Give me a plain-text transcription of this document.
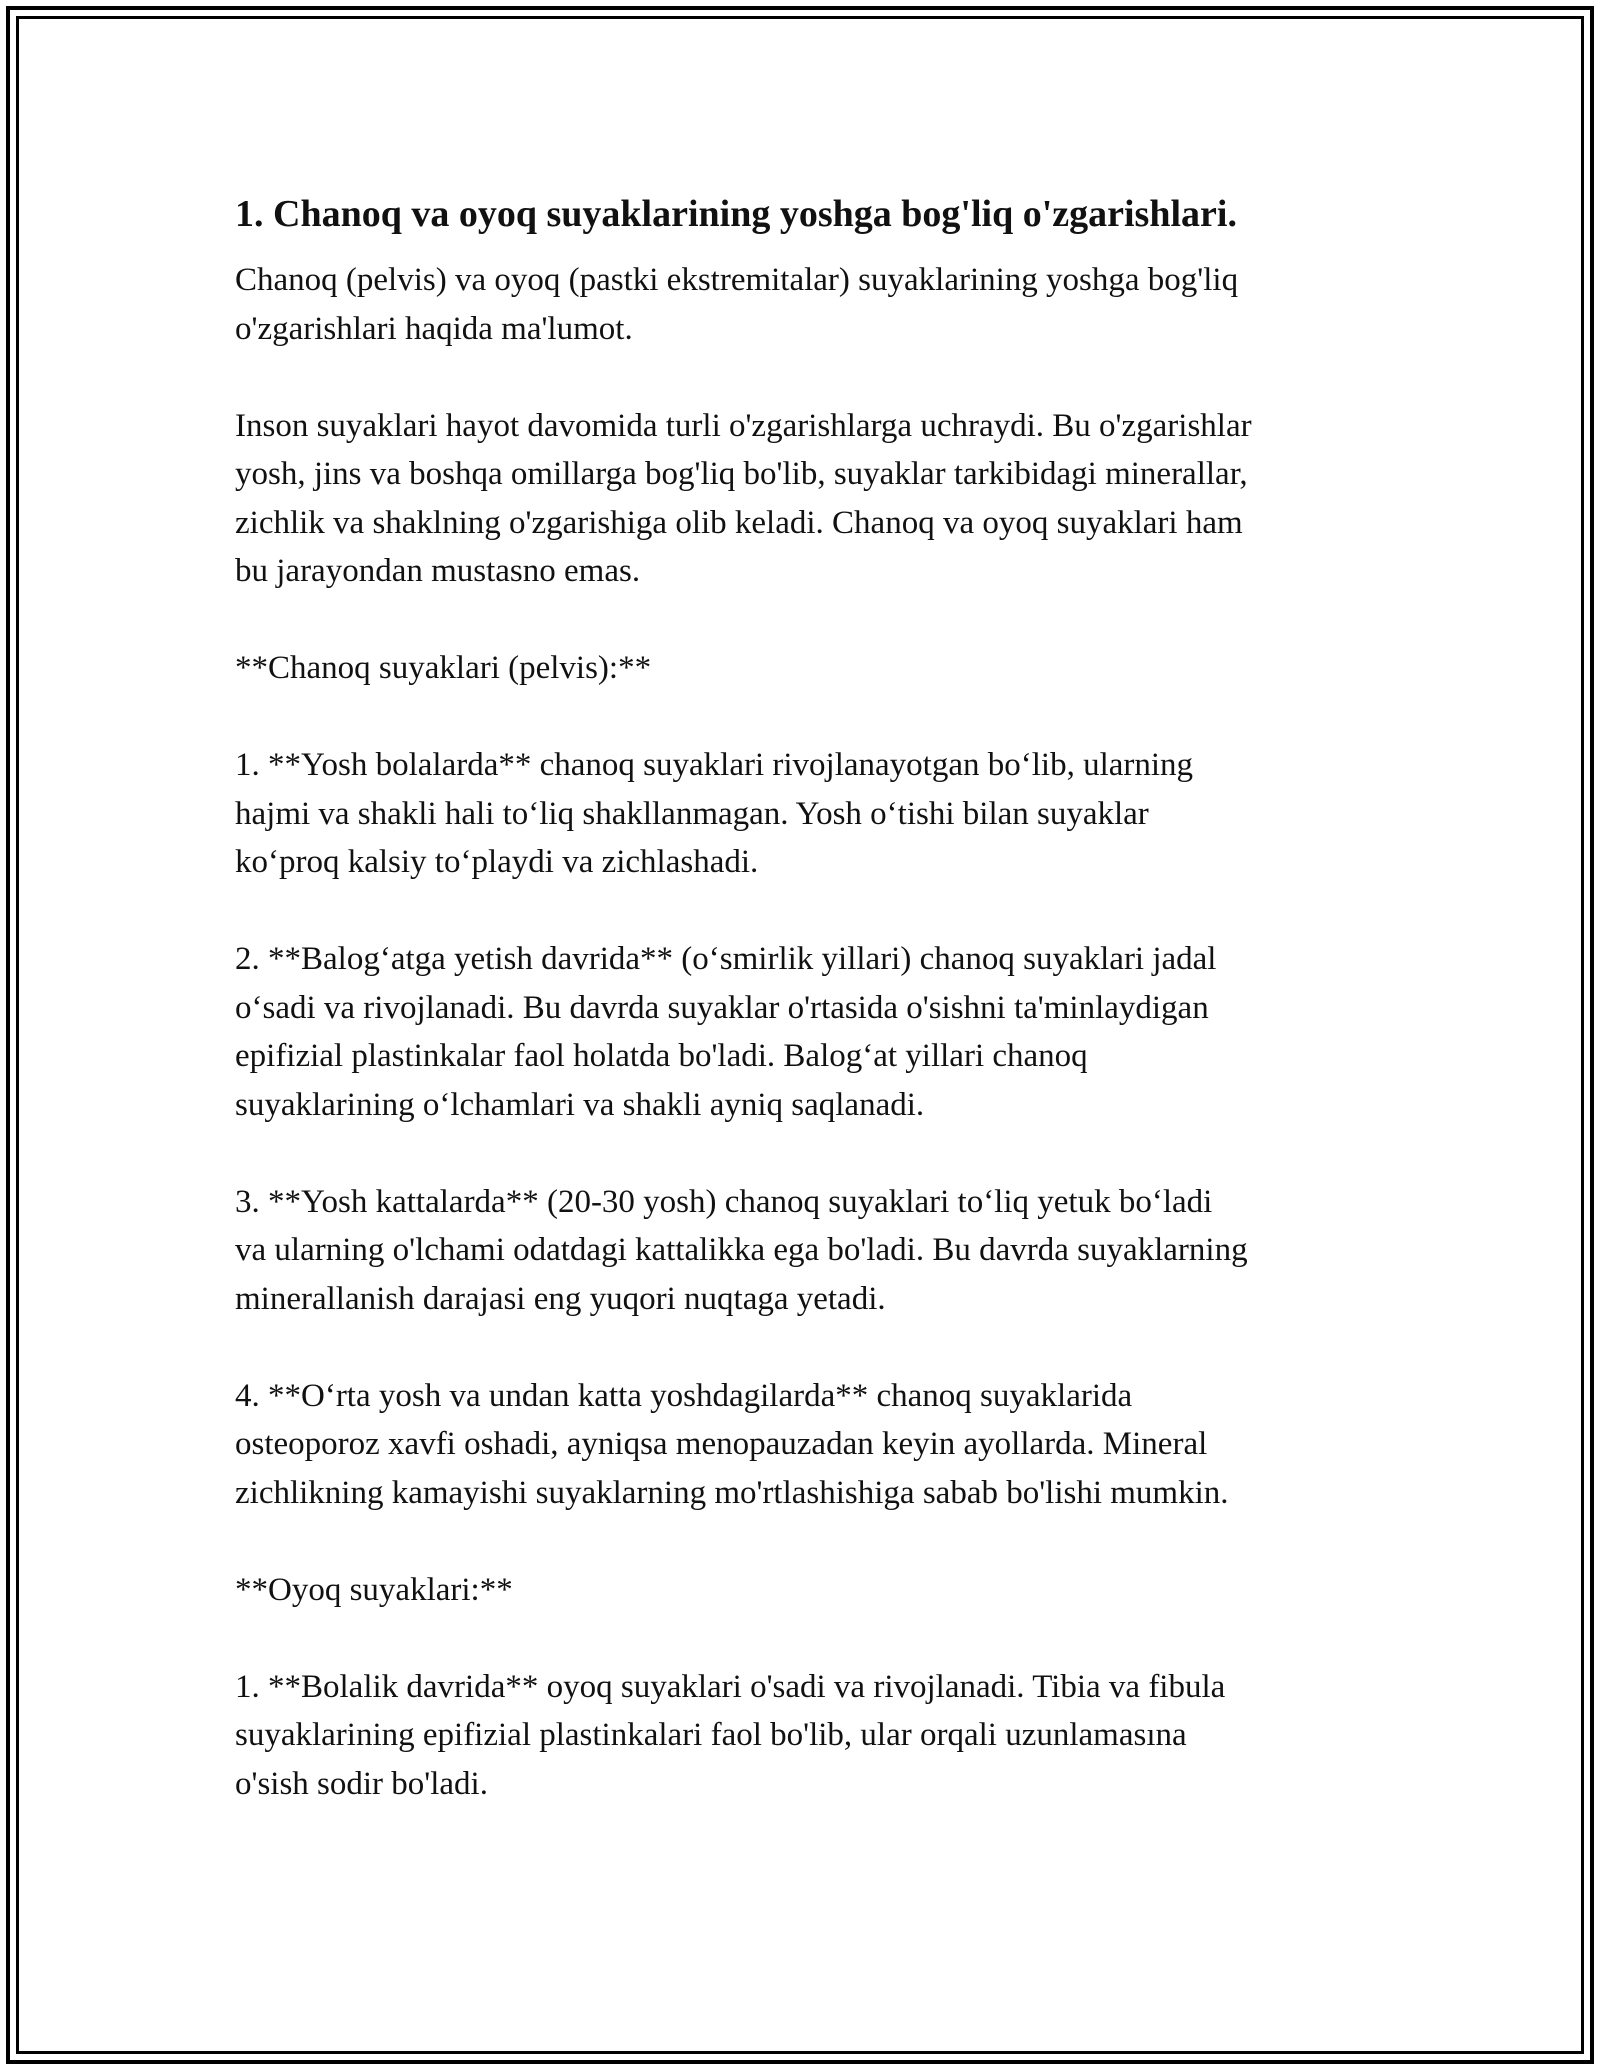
1. Chanoq va oyoq suyaklarining yoshga bog'liq o'zgarishlari.

Chanoq (pelvis) va oyoq (pastki ekstremitalar) suyaklarining yoshga bog'liq
o'zgarishlari haqida ma'lumot.

Inson suyaklari hayot davomida turli o'zgarishlarga uchraydi. Bu o'zgarishlar
yosh, jins va boshqa omillarga bog'liq bo'lib, suyaklar tarkibidagi minerallar,
zichlik va shaklning o'zgarishiga olib keladi. Chanoq va oyoq suyaklari ham
bu jarayondan mustasno emas.

**Chanoq suyaklari (pelvis):**

1. **Yosh bolalarda** chanoq suyaklari rivojlanayotgan bo‘lib, ularning
hajmi va shakli hali to‘liq shakllanmagan. Yosh o‘tishi bilan suyaklar
ko‘proq kalsiy to‘playdi va zichlashadi.

2. **Balog‘atga yetish davrida** (o‘smirlik yillari) chanoq suyaklari jadal
o‘sadi va rivojlanadi. Bu davrda suyaklar o'rtasida o'sishni ta'minlaydigan
epifizial plastinkalar faol holatda bo'ladi. Balog‘at yillari chanoq
suyaklarining o‘lchamlari va shakli ayniq saqlanadi.

3. **Yosh kattalarda** (20-30 yosh) chanoq suyaklari to‘liq yetuk bo‘ladi
va ularning o'lchami odatdagi kattalikka ega bo'ladi. Bu davrda suyaklarning
minerallanish darajasi eng yuqori nuqtaga yetadi.

4. **O‘rta yosh va undan katta yoshdagilarda** chanoq suyaklarida
osteoporoz xavfi oshadi, ayniqsa menopauzadan keyin ayollarda. Mineral
zichlikning kamayishi suyaklarning mo'rtlashishiga sabab bo'lishi mumkin.

**Oyoq suyaklari:**

1. **Bolalik davrida** oyoq suyaklari o'sadi va rivojlanadi. Tibia va fibula
suyaklarining epifizial plastinkalari faol bo'lib, ular orqali uzunlamasına
o'sish sodir bo'ladi.
